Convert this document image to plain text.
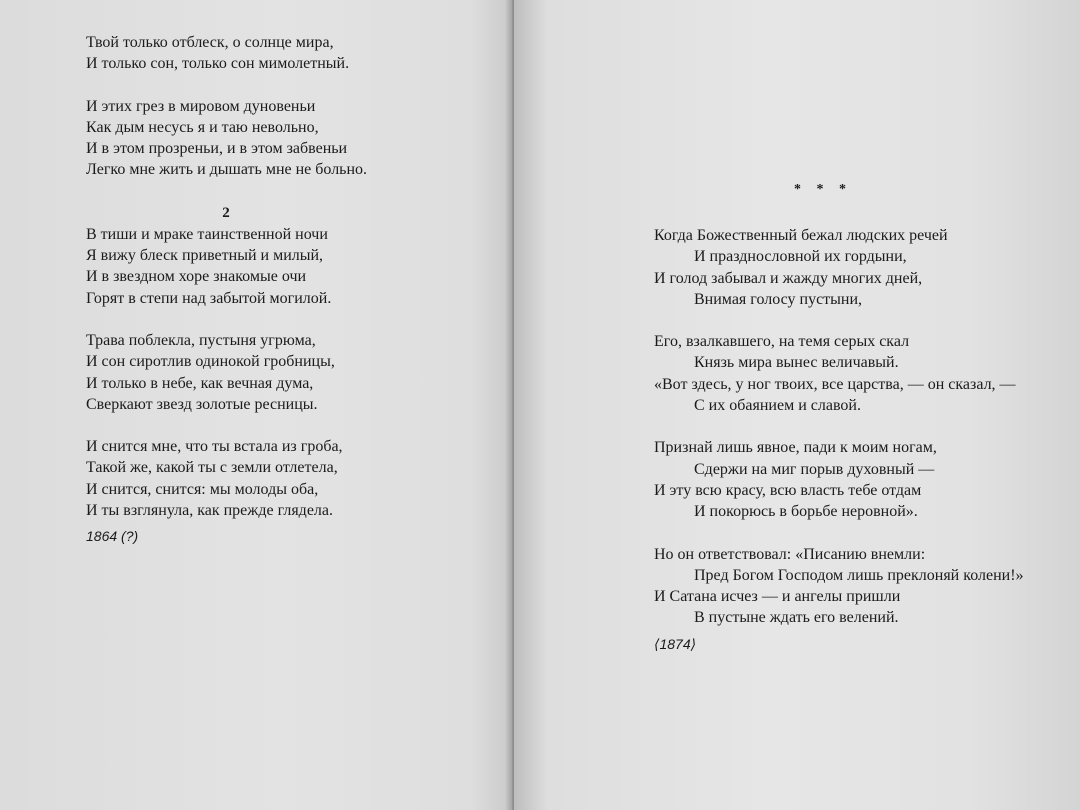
Твой только отблеск, о солнце мира,
И только сон, только сон мимолетный.
И этих грез в мировом дуновеньи
Как дым несусь я и таю невольно,
И в этом прозреньи, и в этом забвеньи
Легко мне жить и дышать мне не больно.
2
В тиши и мраке таинственной ночи
Я вижу блеск приветный и милый,
И в звездном хоре знакомые очи
Горят в степи над забытой могилой.
Трава поблекла, пустыня угрюма,
И сон сиротлив одинокой гробницы,
И только в небе, как вечная дума,
Сверкают звезд золотые ресницы.
И снится мне, что ты встала из гроба,
Такой же, какой ты с земли отлетела,
И снится, снится: мы молоды оба,
И ты взглянула, как прежде глядела.
1864 (?)
* * *
Когда Божественный бежал людских речей
И празднословной их гордыни,
И голод забывал и жажду многих дней,
Внимая голосу пустыни,
Его, взалкавшего, на темя серых скал
Князь мира вынес величавый.
«Вот здесь, у ног твоих, все царства, — он сказал, —
С их обаянием и славой.
Признай лишь явное, пади к моим ногам,
Сдержи на миг порыв духовный —
И эту всю красу, всю власть тебе отдам
И покорюсь в борьбе неровной».
Но он ответствовал: «Писанию внемли:
Пред Богом Господом лишь преклоняй колени!»
И Сатана исчез — и ангелы пришли
В пустыне ждать его велений.
⟨1874⟩
